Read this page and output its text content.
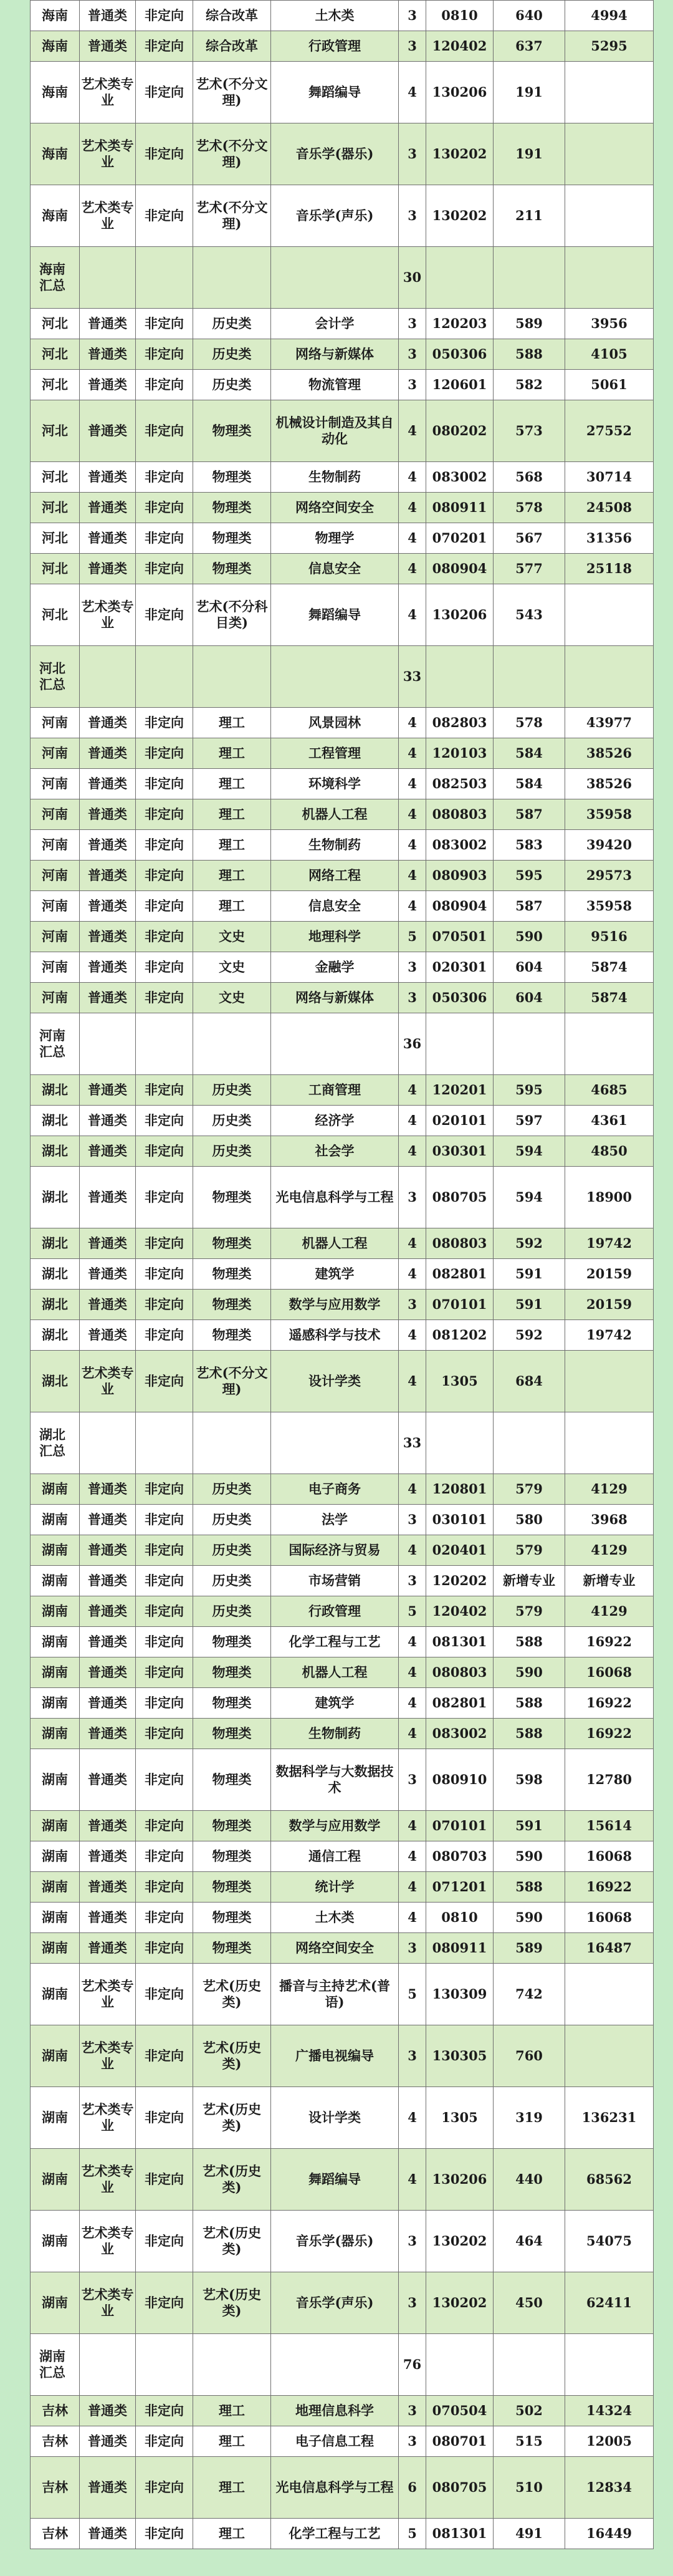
海南	普通类	非定向	综合改革	土木类	3	0810	640	4994
海南	普通类	非定向	综合改革	行政管理	3	120402	637	5295
海南	艺术类专业	非定向	艺术(不分文理)	舞蹈编导	4	130206	191	
海南	艺术类专业	非定向	艺术(不分文理)	音乐学(器乐)	3	130202	191	
海南	艺术类专业	非定向	艺术(不分文理)	音乐学(声乐)	3	130202	211	
海南汇总					30			
河北	普通类	非定向	历史类	会计学	3	120203	589	3956
河北	普通类	非定向	历史类	网络与新媒体	3	050306	588	4105
河北	普通类	非定向	历史类	物流管理	3	120601	582	5061
河北	普通类	非定向	物理类	机械设计制造及其自动化	4	080202	573	27552
河北	普通类	非定向	物理类	生物制药	4	083002	568	30714
河北	普通类	非定向	物理类	网络空间安全	4	080911	578	24508
河北	普通类	非定向	物理类	物理学	4	070201	567	31356
河北	普通类	非定向	物理类	信息安全	4	080904	577	25118
河北	艺术类专业	非定向	艺术(不分科目类)	舞蹈编导	4	130206	543	
河北汇总					33			
河南	普通类	非定向	理工	风景园林	4	082803	578	43977
河南	普通类	非定向	理工	工程管理	4	120103	584	38526
河南	普通类	非定向	理工	环境科学	4	082503	584	38526
河南	普通类	非定向	理工	机器人工程	4	080803	587	35958
河南	普通类	非定向	理工	生物制药	4	083002	583	39420
河南	普通类	非定向	理工	网络工程	4	080903	595	29573
河南	普通类	非定向	理工	信息安全	4	080904	587	35958
河南	普通类	非定向	文史	地理科学	5	070501	590	9516
河南	普通类	非定向	文史	金融学	3	020301	604	5874
河南	普通类	非定向	文史	网络与新媒体	3	050306	604	5874
河南汇总					36			
湖北	普通类	非定向	历史类	工商管理	4	120201	595	4685
湖北	普通类	非定向	历史类	经济学	4	020101	597	4361
湖北	普通类	非定向	历史类	社会学	4	030301	594	4850
湖北	普通类	非定向	物理类	光电信息科学与工程	3	080705	594	18900
湖北	普通类	非定向	物理类	机器人工程	4	080803	592	19742
湖北	普通类	非定向	物理类	建筑学	4	082801	591	20159
湖北	普通类	非定向	物理类	数学与应用数学	3	070101	591	20159
湖北	普通类	非定向	物理类	遥感科学与技术	4	081202	592	19742
湖北	艺术类专业	非定向	艺术(不分文理)	设计学类	4	1305	684	
湖北汇总					33			
湖南	普通类	非定向	历史类	电子商务	4	120801	579	4129
湖南	普通类	非定向	历史类	法学	3	030101	580	3968
湖南	普通类	非定向	历史类	国际经济与贸易	4	020401	579	4129
湖南	普通类	非定向	历史类	市场营销	3	120202	新增专业	新增专业
湖南	普通类	非定向	历史类	行政管理	5	120402	579	4129
湖南	普通类	非定向	物理类	化学工程与工艺	4	081301	588	16922
湖南	普通类	非定向	物理类	机器人工程	4	080803	590	16068
湖南	普通类	非定向	物理类	建筑学	4	082801	588	16922
湖南	普通类	非定向	物理类	生物制药	4	083002	588	16922
湖南	普通类	非定向	物理类	数据科学与大数据技术	3	080910	598	12780
湖南	普通类	非定向	物理类	数学与应用数学	4	070101	591	15614
湖南	普通类	非定向	物理类	通信工程	4	080703	590	16068
湖南	普通类	非定向	物理类	统计学	4	071201	588	16922
湖南	普通类	非定向	物理类	土木类	4	0810	590	16068
湖南	普通类	非定向	物理类	网络空间安全	3	080911	589	16487
湖南	艺术类专业	非定向	艺术(历史类)	播音与主持艺术(普语)	5	130309	742	
湖南	艺术类专业	非定向	艺术(历史类)	广播电视编导	3	130305	760	
湖南	艺术类专业	非定向	艺术(历史类)	设计学类	4	1305	319	136231
湖南	艺术类专业	非定向	艺术(历史类)	舞蹈编导	4	130206	440	68562
湖南	艺术类专业	非定向	艺术(历史类)	音乐学(器乐)	3	130202	464	54075
湖南	艺术类专业	非定向	艺术(历史类)	音乐学(声乐)	3	130202	450	62411
湖南汇总					76			
吉林	普通类	非定向	理工	地理信息科学	3	070504	502	14324
吉林	普通类	非定向	理工	电子信息工程	3	080701	515	12005
吉林	普通类	非定向	理工	光电信息科学与工程	6	080705	510	12834
吉林	普通类	非定向	理工	化学工程与工艺	5	081301	491	16449
